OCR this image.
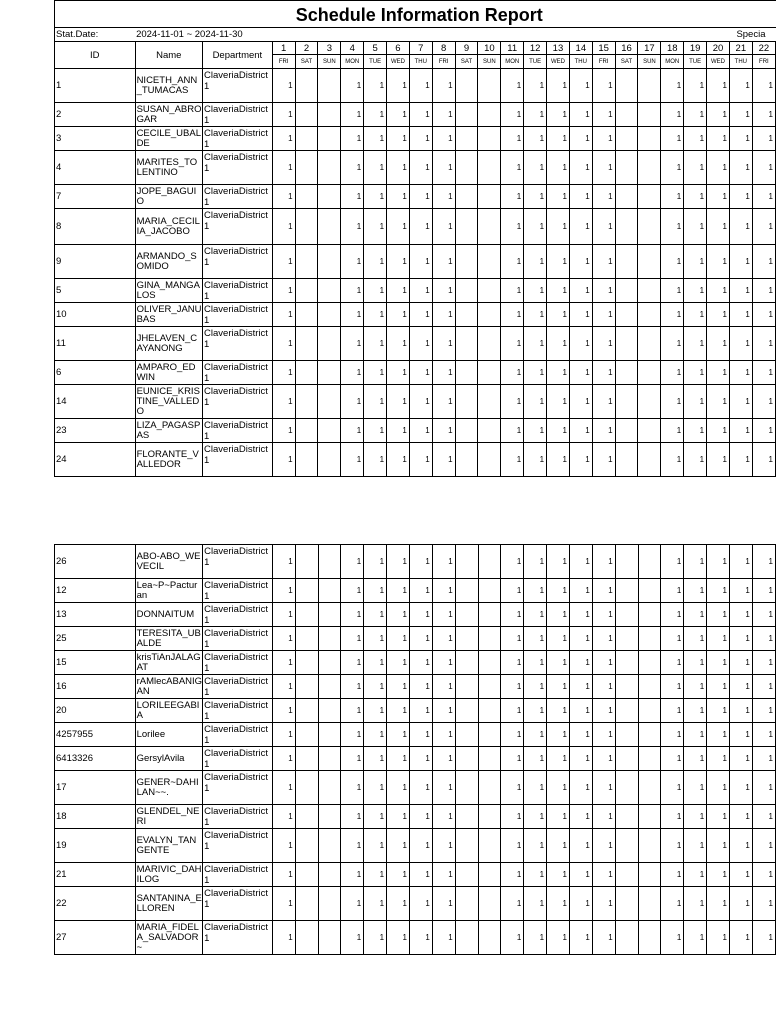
Schedule Information Report																								
Stat.Date:	2024-11-01 ~ 2024-11-30																						Specia	
ID	Name	Department	1	2	3	4	5	6	7	8	9	10	11	12	13	14	15	16	17	18	19	20	21	22
			FRI	SAT	SUN	MON	TUE	WED	THU	FRI	SAT	SUN	MON	TUE	WED	THU	FRI	SAT	SUN	MON	TUE	WED	THU	FRI
1	NICETH_ANN_TUMACAS	ClaveriaDistrict1	1			1	1	1	1	1			1	1	1	1	1			1	1	1	1	1
2	SUSAN_ABROGAR	ClaveriaDistrict1	1			1	1	1	1	1			1	1	1	1	1			1	1	1	1	1
3	CECILE_UBALDE	ClaveriaDistrict1	1			1	1	1	1	1			1	1	1	1	1			1	1	1	1	1
4	MARITES_TOLENTINO	ClaveriaDistrict1	1			1	1	1	1	1			1	1	1	1	1			1	1	1	1	1
7	JOPE_BAGUIO	ClaveriaDistrict1	1			1	1	1	1	1			1	1	1	1	1			1	1	1	1	1
8	MARIA_CECILIA_JACOBO	ClaveriaDistrict1	1			1	1	1	1	1			1	1	1	1	1			1	1	1	1	1
9	ARMANDO_SOMIDO	ClaveriaDistrict1	1			1	1	1	1	1			1	1	1	1	1			1	1	1	1	1
5	GINA_MANGALOS	ClaveriaDistrict1	1			1	1	1	1	1			1	1	1	1	1			1	1	1	1	1
10	OLIVER_JANUBAS	ClaveriaDistrict1	1			1	1	1	1	1			1	1	1	1	1			1	1	1	1	1
11	JHELAVEN_CAYANONG	ClaveriaDistrict1	1			1	1	1	1	1			1	1	1	1	1			1	1	1	1	1
6	AMPARO_EDWIN	ClaveriaDistrict1	1			1	1	1	1	1			1	1	1	1	1			1	1	1	1	1
14	EUNICE_KRISTINE_VALLEDO	ClaveriaDistrict1	1			1	1	1	1	1			1	1	1	1	1			1	1	1	1	1
23	LIZA_PAGASPAS	ClaveriaDistrict1	1			1	1	1	1	1			1	1	1	1	1			1	1	1	1	1
24	FLORANTE_VALLEDOR	ClaveriaDistrict1	1			1	1	1	1	1			1	1	1	1	1			1	1	1	1	1
26	ABO-ABO_WEVECIL	ClaveriaDistrict1	1			1	1	1	1	1			1	1	1	1	1			1	1	1	1	1
12	Lea~P~Pacturan	ClaveriaDistrict1	1			1	1	1	1	1			1	1	1	1	1			1	1	1	1	1
13	DONNAITUM	ClaveriaDistrict1	1			1	1	1	1	1			1	1	1	1	1			1	1	1	1	1
25	TERESITA_UBALDE	ClaveriaDistrict1	1			1	1	1	1	1			1	1	1	1	1			1	1	1	1	1
15	krisTiAnJALAGAT	ClaveriaDistrict1	1			1	1	1	1	1			1	1	1	1	1			1	1	1	1	1
16	rAMlecABANIGAN	ClaveriaDistrict1	1			1	1	1	1	1			1	1	1	1	1			1	1	1	1	1
20	LORILEEGABIA	ClaveriaDistrict1	1			1	1	1	1	1			1	1	1	1	1			1	1	1	1	1
4257955	Lorilee	ClaveriaDistrict1	1			1	1	1	1	1			1	1	1	1	1			1	1	1	1	1
6413326	GersylAvila	ClaveriaDistrict1	1			1	1	1	1	1			1	1	1	1	1			1	1	1	1	1
17	GENER~DAHILAN~~.	ClaveriaDistrict1	1			1	1	1	1	1			1	1	1	1	1			1	1	1	1	1
18	GLENDEL_NERI	ClaveriaDistrict1	1			1	1	1	1	1			1	1	1	1	1			1	1	1	1	1
19	EVALYN_TANGENTE	ClaveriaDistrict1	1			1	1	1	1	1			1	1	1	1	1			1	1	1	1	1
21	MARIVIC_DAHILOG	ClaveriaDistrict1	1			1	1	1	1	1			1	1	1	1	1			1	1	1	1	1
22	SANTANINA_ELLOREN	ClaveriaDistrict1	1			1	1	1	1	1			1	1	1	1	1			1	1	1	1	1
27	MARIA_FIDELA_SALVADOR~	ClaveriaDistrict1	1			1	1	1	1	1			1	1	1	1	1			1	1	1	1	1
